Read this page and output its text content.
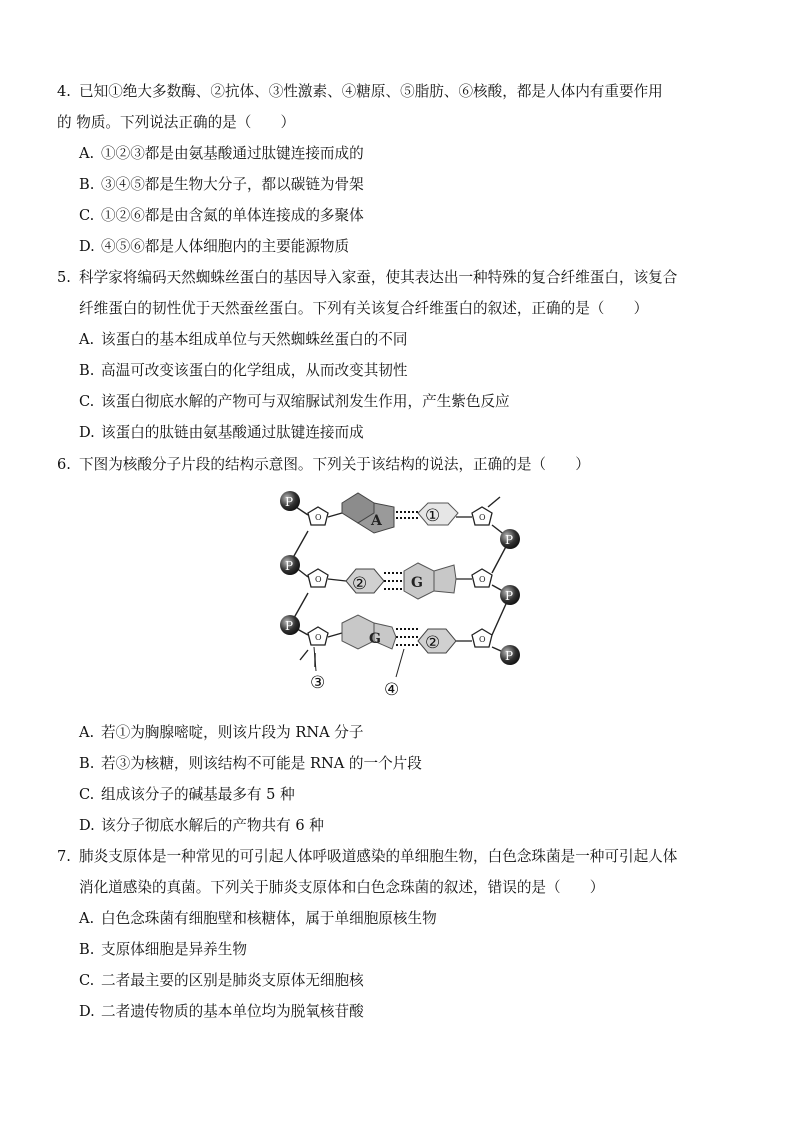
4. 已知①绝大多数酶、②抗体、③性激素、④糖原、⑤脂肪、⑥核酸，都是人体内有重要作用
的 物质。下列说法正确的是（　　）
A. ①②③都是由氨基酸通过肽键连接而成的
B. ③④⑤都是生物大分子，都以碳链为骨架
C. ①②⑥都是由含氮的单体连接成的多聚体
D. ④⑤⑥都是人体细胞内的主要能源物质
5. 科学家将编码天然蜘蛛丝蛋白的基因导入家蚕，使其表达出一种特殊的复合纤维蛋白，该复合
纤维蛋白的韧性优于天然蚕丝蛋白。下列有关该复合纤维蛋白的叙述，正确的是（　　）
A. 该蛋白的基本组成单位与天然蜘蛛丝蛋白的不同
B. 高温可改变该蛋白的化学组成，从而改变其韧性
C. 该蛋白彻底水解的产物可与双缩脲试剂发生作用，产生紫色反应
D. 该蛋白的肽链由氨基酸通过肽键连接而成
6. 下图为核酸分子片段的结构示意图。下列关于该结构的说法，正确的是（　　）
O
O
O
O
O
O
A	①
②	G
G	②
P
P
P
P
P
P
③	④
A. 若①为胸腺嘧啶，则该片段为 RNA 分子
B. 若③为核糖，则该结构不可能是 RNA 的一个片段
C. 组成该分子的碱基最多有 5 种
D. 该分子彻底水解后的产物共有 6 种
7. 肺炎支原体是一种常见的可引起人体呼吸道感染的单细胞生物，白色念珠菌是一种可引起人体
消化道感染的真菌。下列关于肺炎支原体和白色念珠菌的叙述，错误的是（　　）
A. 白色念珠菌有细胞壁和核糖体，属于单细胞原核生物
B. 支原体细胞是异养生物
C. 二者最主要的区别是肺炎支原体无细胞核
D. 二者遗传物质的基本单位均为脱氧核苷酸
